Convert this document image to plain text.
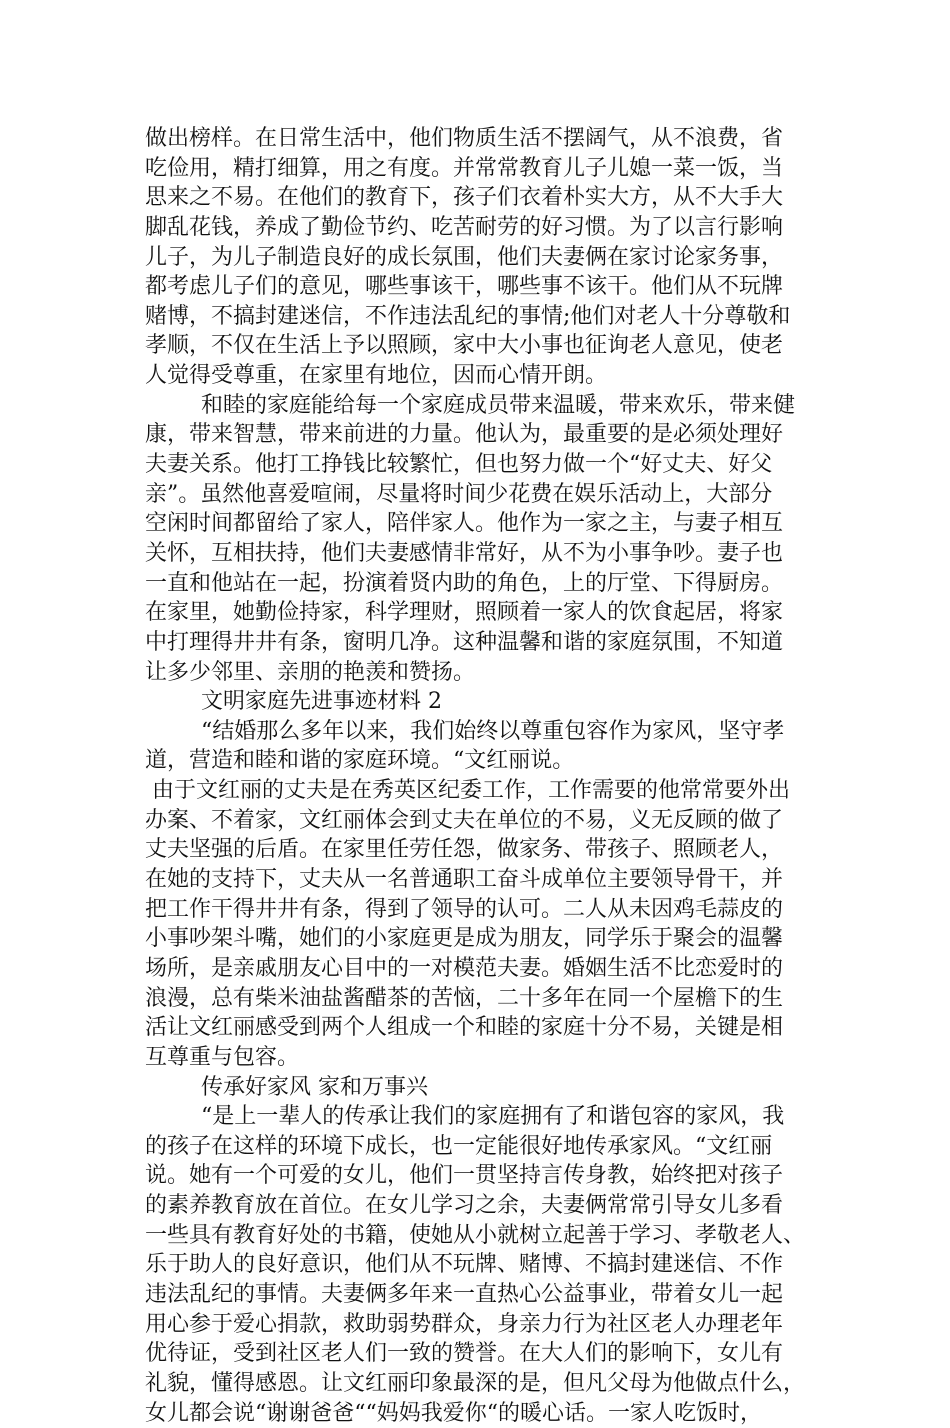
做出榜样。在日常生活中，他们物质生活不摆阔气，从不浪费，省
吃俭用，精打细算，用之有度。并常常教育儿子儿媳一菜一饭，当
思来之不易。在他们的教育下，孩子们衣着朴实大方，从不大手大
脚乱花钱，养成了勤俭节约、吃苦耐劳的好习惯。为了以言行影响
儿子，为儿子制造良好的成长氛围，他们夫妻俩在家讨论家务事，
都考虑儿子们的意见，哪些事该干，哪些事不该干。他们从不玩牌
赌博，不搞封建迷信，不作违法乱纪的事情;他们对老人十分尊敬和
孝顺，不仅在生活上予以照顾，家中大小事也征询老人意见，使老
人觉得受尊重，在家里有地位，因而心情开朗。
和睦的家庭能给每一个家庭成员带来温暖，带来欢乐，带来健
康，带来智慧，带来前进的力量。他认为，最重要的是必须处理好
夫妻关系。他打工挣钱比较繁忙，但也努力做一个“好丈夫、好父
亲”。虽然他喜爱喧闹，尽量将时间少花费在娱乐活动上，大部分
空闲时间都留给了家人，陪伴家人。他作为一家之主，与妻子相互
关怀，互相扶持，他们夫妻感情非常好，从不为小事争吵。妻子也
一直和他站在一起，扮演着贤内助的角色，上的厅堂、下得厨房。
在家里，她勤俭持家，科学理财，照顾着一家人的饮食起居，将家
中打理得井井有条，窗明几净。这种温馨和谐的家庭氛围，不知道
让多少邻里、亲朋的艳羡和赞扬。
文明家庭先进事迹材料 2
“结婚那么多年以来，我们始终以尊重包容作为家风，坚守孝
道，营造和睦和谐的家庭环境。“文红丽说。
由于文红丽的丈夫是在秀英区纪委工作，工作需要的他常常要外出
办案、不着家，文红丽体会到丈夫在单位的不易，义无反顾的做了
丈夫坚强的后盾。在家里任劳任怨，做家务、带孩子、照顾老人，
在她的支持下，丈夫从一名普通职工奋斗成单位主要领导骨干，并
把工作干得井井有条，得到了领导的认可。二人从未因鸡毛蒜皮的
小事吵架斗嘴，她们的小家庭更是成为朋友，同学乐于聚会的温馨
场所，是亲戚朋友心目中的一对模范夫妻。婚姻生活不比恋爱时的
浪漫，总有柴米油盐酱醋茶的苦恼，二十多年在同一个屋檐下的生
活让文红丽感受到两个人组成一个和睦的家庭十分不易，关键是相
互尊重与包容。
传承好家风 家和万事兴
“是上一辈人的传承让我们的家庭拥有了和谐包容的家风，我
的孩子在这样的环境下成长，也一定能很好地传承家风。“文红丽
说。她有一个可爱的女儿，他们一贯坚持言传身教，始终把对孩子
的素养教育放在首位。在女儿学习之余，夫妻俩常常引导女儿多看
一些具有教育好处的书籍，使她从小就树立起善于学习、孝敬老人、
乐于助人的良好意识，他们从不玩牌、赌博、不搞封建迷信、不作
违法乱纪的事情。夫妻俩多年来一直热心公益事业，带着女儿一起
用心参于爱心捐款，救助弱势群众，身亲力行为社区老人办理老年
优待证，受到社区老人们一致的赞誉。在大人们的影响下，女儿有
礼貌，懂得感恩。让文红丽印象最深的是，但凡父母为他做点什么，
女儿都会说“谢谢爸爸““妈妈我爱你“的暖心话。一家人吃饭时，
